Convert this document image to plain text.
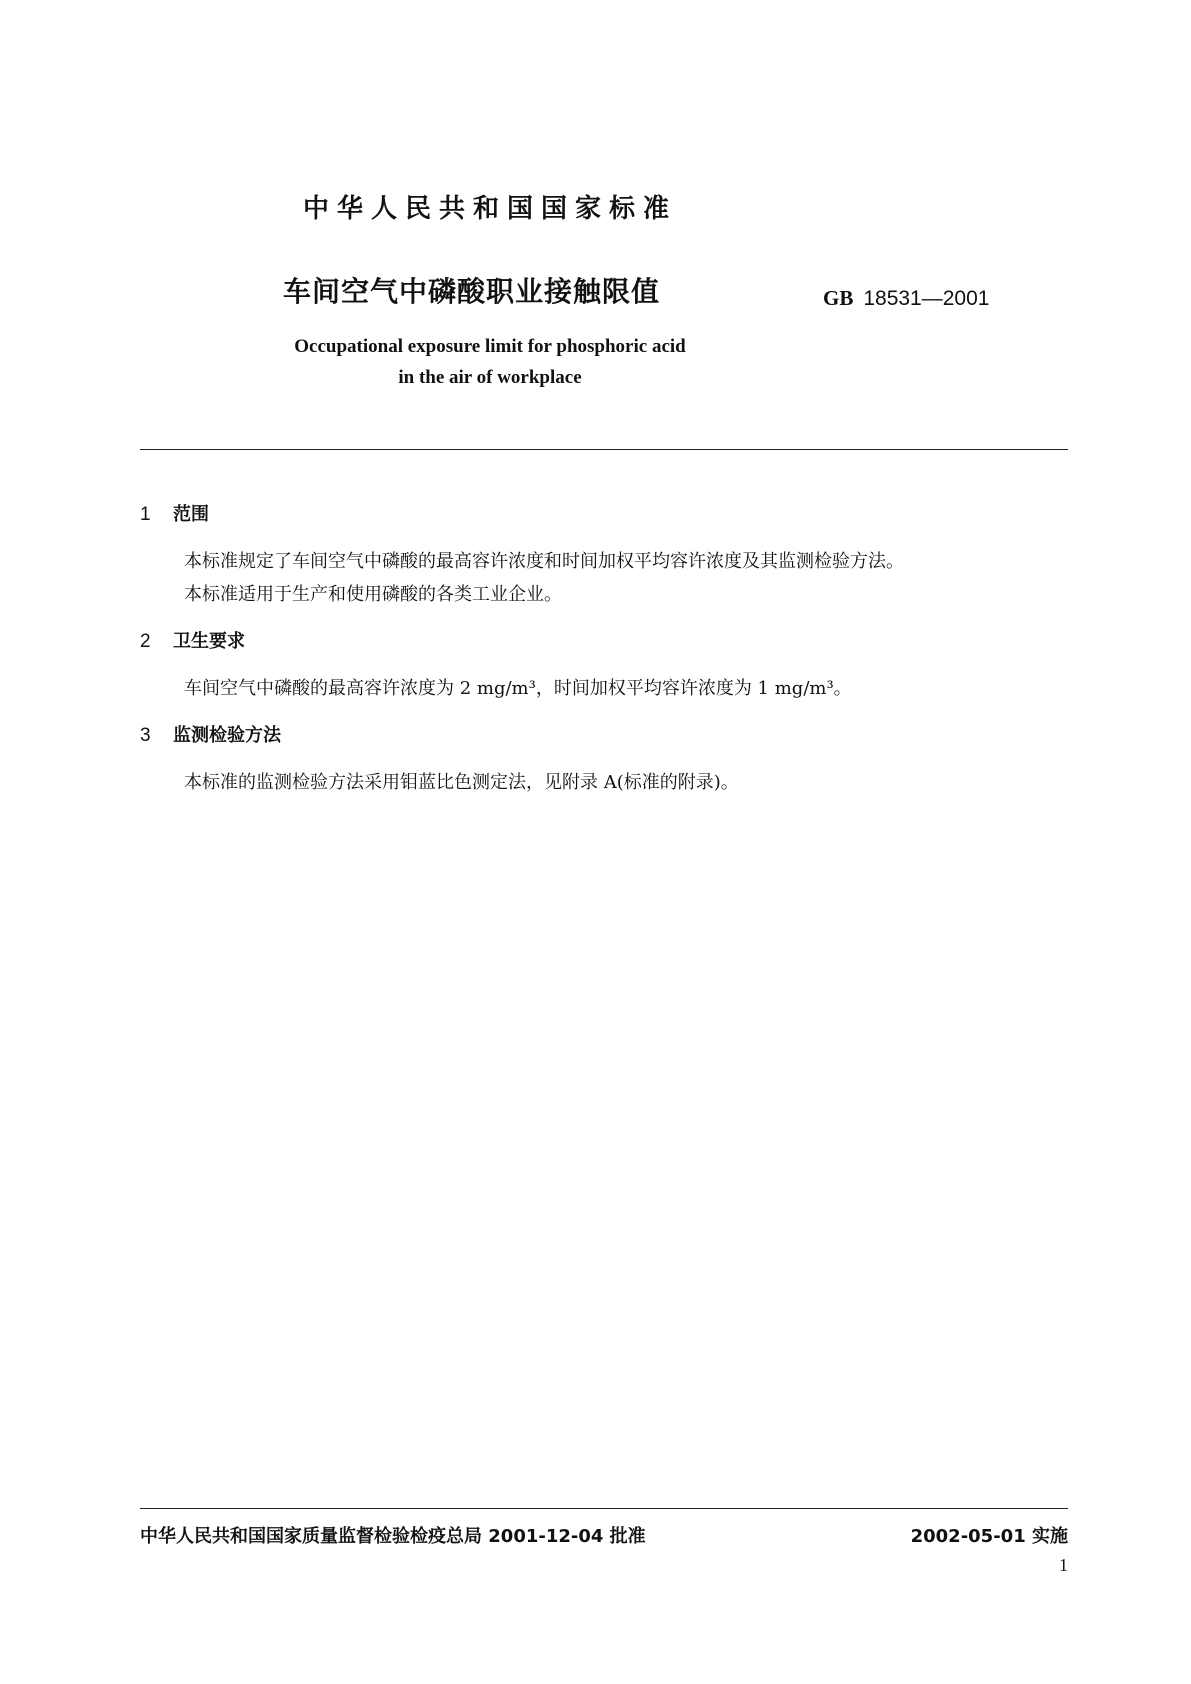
中华人民共和国国家标准
车间空气中磷酸职业接触限值	GB 18531—2001
Occupational exposure limit for phosphoric acid
in the air of workplace
1 范围
本标准规定了车间空气中磷酸的最高容许浓度和时间加权平均容许浓度及其监测检验方法。
本标准适用于生产和使用磷酸的各类工业企业。
2 卫生要求
车间空气中磷酸的最高容许浓度为 2 mg/m³，时间加权平均容许浓度为 1 mg/m³。
3 监测检验方法
本标准的监测检验方法采用钼蓝比色测定法，见附录 A(标准的附录)。
中华人民共和国国家质量监督检验检疫总局 2001-12-04 批准	2002-05-01 实施
1
